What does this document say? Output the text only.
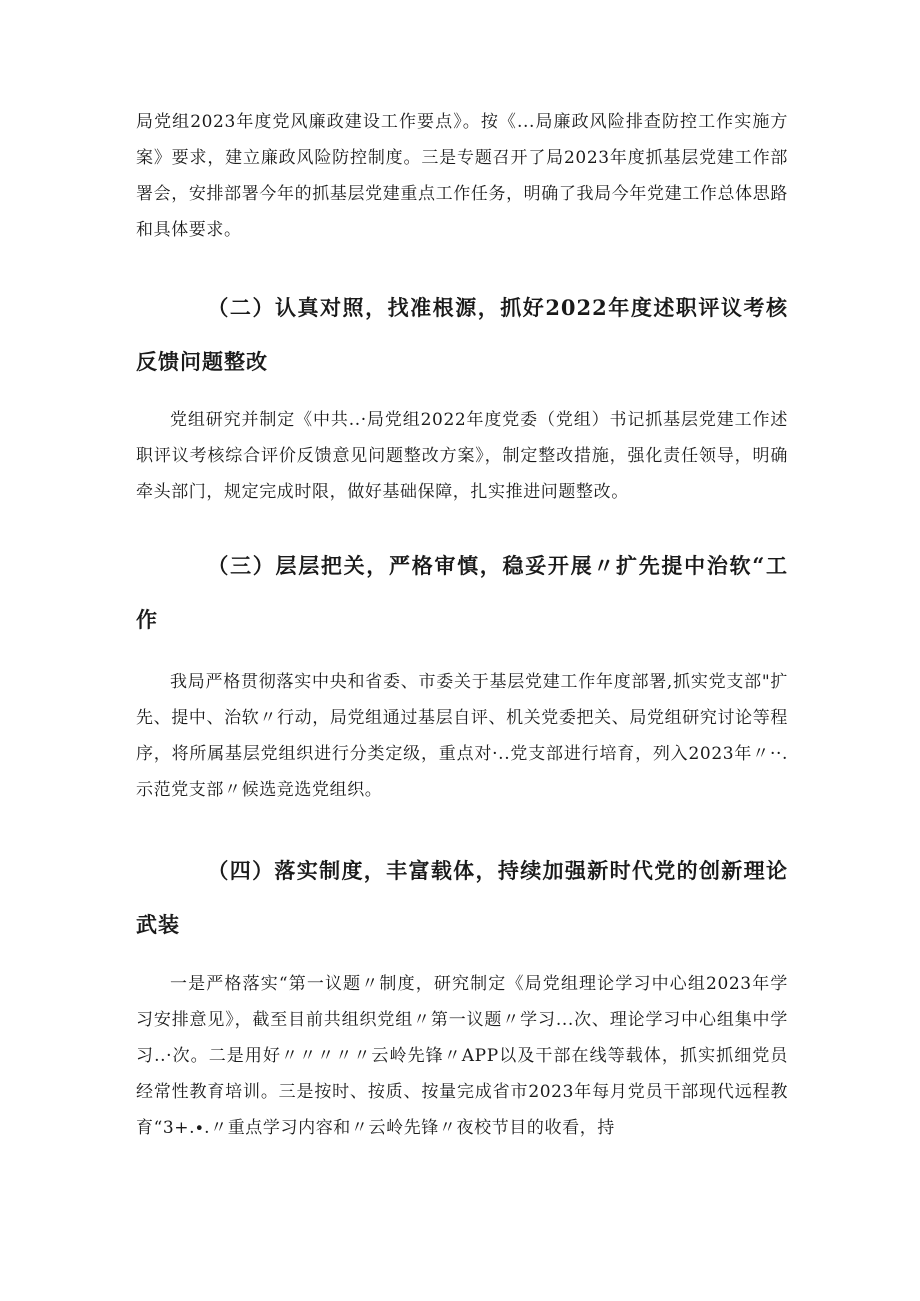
局党组2023年度党风廉政建设工作要点》。按《...局廉政风险排查防控工作实施方案》要求，建立廉政风险防控制度。三是专题召开了局2023年度抓基层党建工作部署会，安排部署今年的抓基层党建重点工作任务，明确了我局今年党建工作总体思路和具体要求。

（二）认真对照，找准根源，抓好2022年度述职评议考核反馈问题整改

党组研究并制定《中共..·局党组2022年度党委（党组）书记抓基层党建工作述职评议考核综合评价反馈意见问题整改方案》，制定整改措施，强化责任领导，明确牵头部门，规定完成时限，做好基础保障，扎实推进问题整改。

（三）层层把关，严格审慎，稳妥开展〃扩先提中治软“工作

我局严格贯彻落实中央和省委、市委关于基层党建工作年度部署,抓实党支部"扩先、提中、治软〃行动，局党组通过基层自评、机关党委把关、局党组研究讨论等程序，将所属基层党组织进行分类定级，重点对·..党支部进行培育，列入2023年〃··.示范党支部〃候选竞选党组织。

（四）落实制度，丰富载体，持续加强新时代党的创新理论武装

一是严格落实“第一议题〃制度，研究制定《局党组理论学习中心组2023年学习安排意见》，截至目前共组织党组〃第一议题〃学习...次、理论学习中心组集中学习..·次。二是用好〃〃〃〃〃云岭先锋〃APP以及干部在线等载体，抓实抓细党员经常性教育培训。三是按时、按质、按量完成省市2023年每月党员干部现代远程教育“3+.∙.〃重点学习内容和〃云岭先锋〃夜校节目的收看，持
